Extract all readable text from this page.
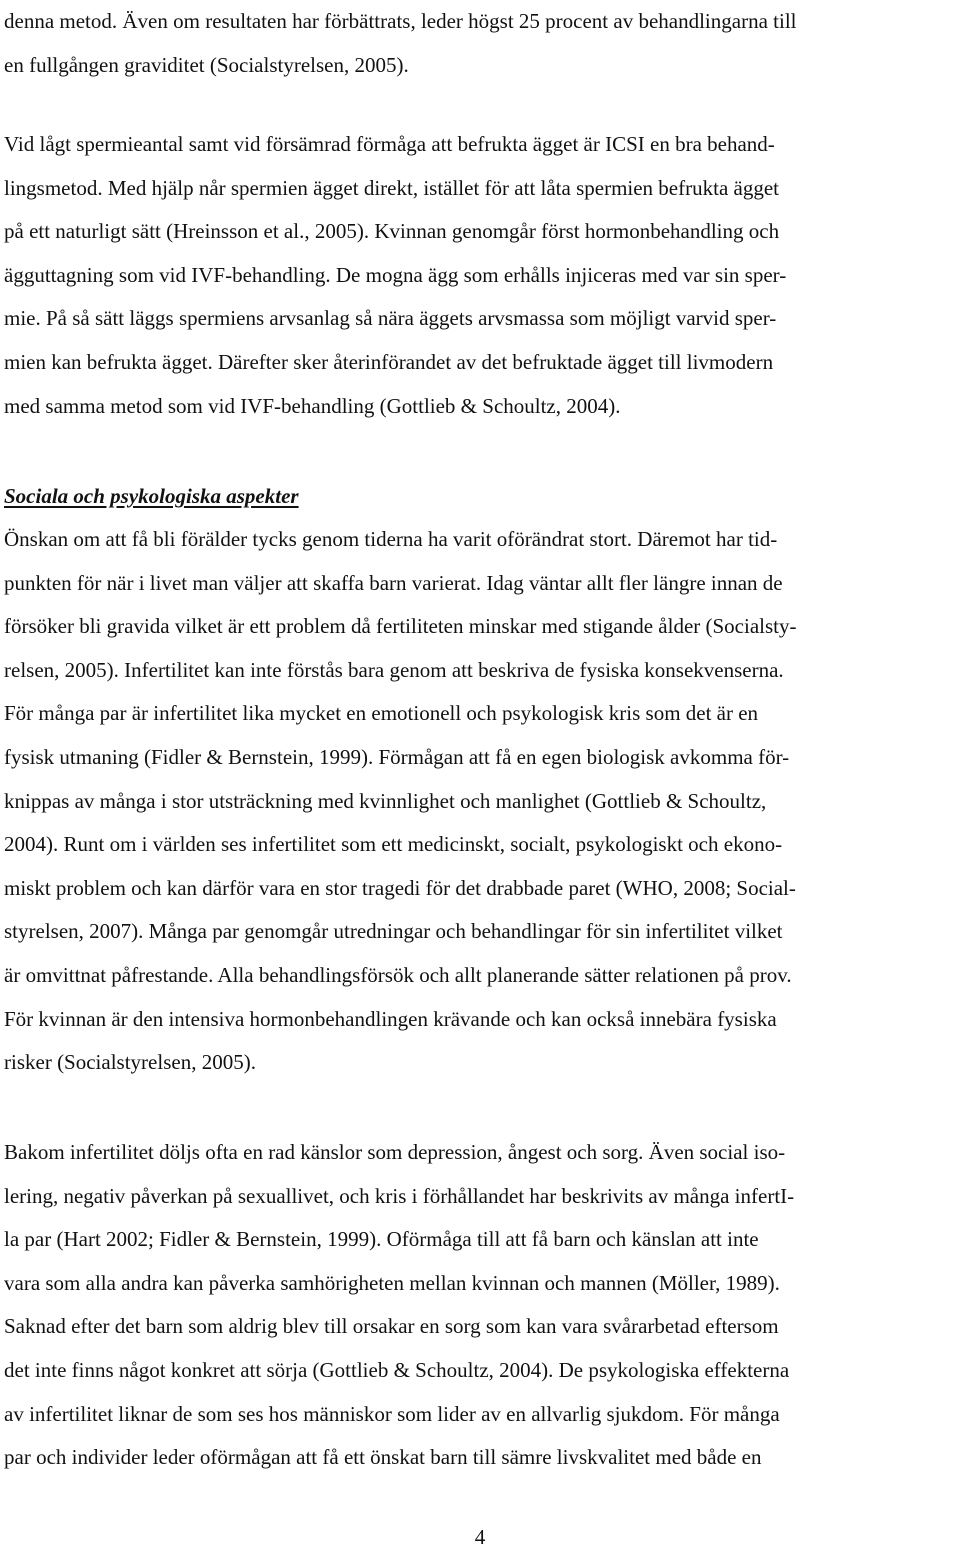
denna metod. Även om resultaten har förbättrats, leder högst 25 procent av behandlingarna till
en fullgången graviditet (Socialstyrelsen, 2005).

Vid lågt spermieantal samt vid försämrad förmåga att befrukta ägget är ICSI en bra behand-
lingsmetod. Med hjälp når spermien ägget direkt, istället för att låta spermien befrukta ägget
på ett naturligt sätt (Hreinsson et al., 2005). Kvinnan genomgår först hormonbehandling och
ägguttagning som vid IVF-behandling. De mogna ägg som erhålls injiceras med var sin sper-
mie. På så sätt läggs spermiens arvsanlag så nära äggets arvsmassa som möjligt varvid sper-
mien kan befrukta ägget. Därefter sker återinförandet av det befruktade ägget till livmodern
med samma metod som vid IVF-behandling (Gottlieb & Schoultz, 2004).

Sociala och psykologiska aspekter

Önskan om att få bli förälder tycks genom tiderna ha varit oförändrat stort. Däremot har tid-
punkten för när i livet man väljer att skaffa barn varierat. Idag väntar allt fler längre innan de
försöker bli gravida vilket är ett problem då fertiliteten minskar med stigande ålder (Socialsty-
relsen, 2005). Infertilitet kan inte förstås bara genom att beskriva de fysiska konsekvenserna.
För många par är infertilitet lika mycket en emotionell och psykologisk kris som det är en
fysisk utmaning (Fidler & Bernstein, 1999). Förmågan att få en egen biologisk avkomma för-
knippas av många i stor utsträckning med kvinnlighet och manlighet (Gottlieb & Schoultz,
2004). Runt om i världen ses infertilitet som ett medicinskt, socialt, psykologiskt och ekono-
miskt problem och kan därför vara en stor tragedi för det drabbade paret (WHO, 2008; Social-
styrelsen, 2007). Många par genomgår utredningar och behandlingar för sin infertilitet vilket
är omvittnat påfrestande. Alla behandlingsförsök och allt planerande sätter relationen på prov.
För kvinnan är den intensiva hormonbehandlingen krävande och kan också innebära fysiska
risker (Socialstyrelsen, 2005).

Bakom infertilitet döljs ofta en rad känslor som depression, ångest och sorg. Även social iso-
lering, negativ påverkan på sexuallivet, och kris i förhållandet har beskrivits av många infertI-
la par (Hart 2002; Fidler & Bernstein, 1999). Oförmåga till att få barn och känslan att inte
vara som alla andra kan påverka samhörigheten mellan kvinnan och mannen (Möller, 1989).
Saknad efter det barn som aldrig blev till orsakar en sorg som kan vara svårarbetad eftersom
det inte finns något konkret att sörja (Gottlieb & Schoultz, 2004). De psykologiska effekterna
av infertilitet liknar de som ses hos människor som lider av en allvarlig sjukdom. För många
par och individer leder oförmågan att få ett önskat barn till sämre livskvalitet med både en

4
